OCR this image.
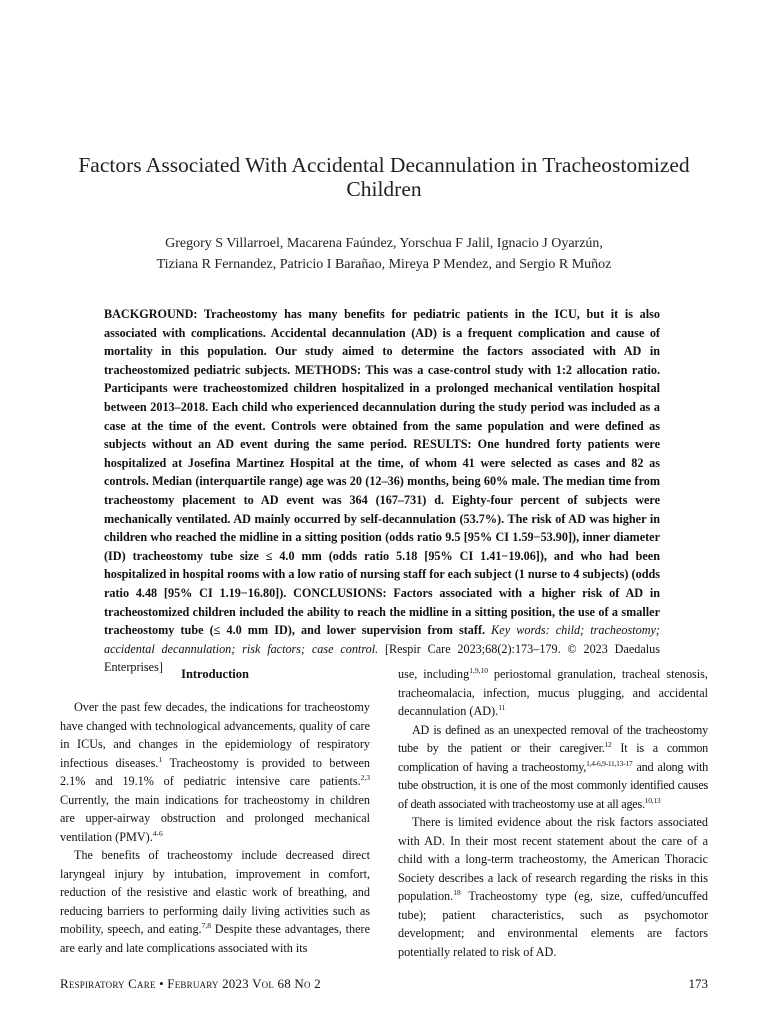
Factors Associated With Accidental Decannulation in Tracheostomized Children
Gregory S Villarroel, Macarena Faúndez, Yorschua F Jalil, Ignacio J Oyarzún,
Tiziana R Fernandez, Patricio I Barañao, Mireya P Mendez, and Sergio R Muñoz
BACKGROUND: Tracheostomy has many benefits for pediatric patients in the ICU, but it is also associated with complications. Accidental decannulation (AD) is a frequent complication and cause of mortality in this population. Our study aimed to determine the factors associated with AD in tracheostomized pediatric subjects. METHODS: This was a case-control study with 1:2 allocation ratio. Participants were tracheostomized children hospitalized in a prolonged mechanical ventilation hospital between 2013–2018. Each child who experienced decannulation during the study period was included as a case at the time of the event. Controls were obtained from the same population and were defined as subjects without an AD event during the same period. RESULTS: One hundred forty patients were hospitalized at Josefina Martinez Hospital at the time, of whom 41 were selected as cases and 82 as controls. Median (interquartile range) age was 20 (12–36) months, being 60% male. The median time from tracheostomy placement to AD event was 364 (167–731) d. Eighty-four percent of subjects were mechanically ventilated. AD mainly occurred by self-decannulation (53.7%). The risk of AD was higher in children who reached the midline in a sitting position (odds ratio 9.5 [95% CI 1.59−53.90]), inner diameter (ID) tracheostomy tube size ≤ 4.0 mm (odds ratio 5.18 [95% CI 1.41−19.06]), and who had been hospitalized in hospital rooms with a low ratio of nursing staff for each subject (1 nurse to 4 subjects) (odds ratio 4.48 [95% CI 1.19−16.80]). CONCLUSIONS: Factors associated with a higher risk of AD in tracheostomized children included the ability to reach the midline in a sitting position, the use of a smaller tracheostomy tube (≤ 4.0 mm ID), and lower supervision from staff. Key words: child; tracheostomy; accidental decannulation; risk factors; case control. [Respir Care 2023;68(2):173–179. © 2023 Daedalus Enterprises]	Introduction

Over the past few decades, the indications for tracheostomy have changed with technological advancements, quality of care in ICUs, and changes in the epidemiology of respiratory infectious diseases.$^1$ Tracheostomy is provided to between 2.1% and 19.1% of pediatric intensive care patients.$^{2,3}$ Currently, the main indications for tracheostomy in children are upper-airway obstruction and prolonged mechanical ventilation (PMV).$^{4-6}$

The benefits of tracheostomy include decreased direct laryngeal injury by intubation, improvement in comfort, reduction of the resistive and elastic work of breathing, and reducing barriers to performing daily living activities such as mobility, speech, and eating.$^{7,8}$ Despite these advantages, there are early and late complications associated with its

use, including$^{1,9,10}$ periostomal granulation, tracheal stenosis, tracheomalacia, infection, mucus plugging, and accidental decannulation (AD).$^{11}$

AD is defined as an unexpected removal of the tracheostomy tube by the patient or their caregiver.$^{12}$ It is a common complication of having a tracheostomy,$^{1,4-6,9-11,13-17}$ and along with tube obstruction, it is one of the most commonly identified causes of death associated with tracheostomy use at all ages.$^{10,13}$

There is limited evidence about the risk factors associated with AD. In their most recent statement about the care of a child with a long-term tracheostomy, the American Thoracic Society describes a lack of research regarding the risks in this population.$^{18}$ Tracheostomy type (eg, size, cuffed/uncuffed tube); patient characteristics, such as psychomotor development; and environmental elements are factors potentially related to risk of AD.

Respiratory Care • February 2023 Vol 68 No 2	173
